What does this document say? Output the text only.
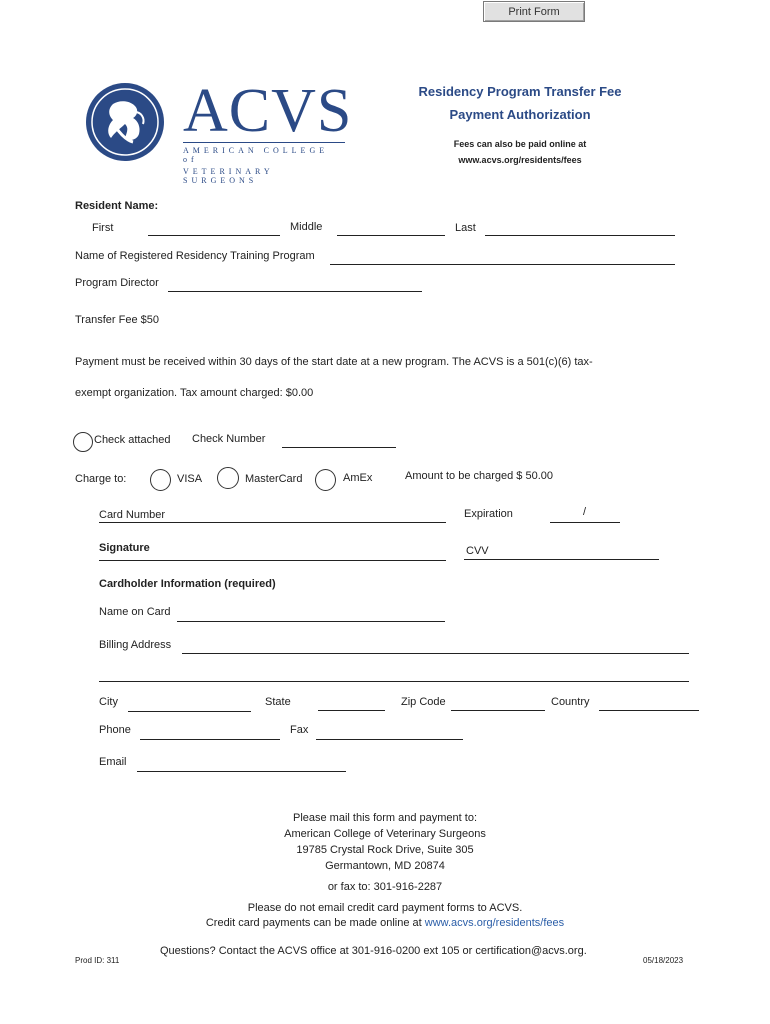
Print Form
ACVS
AMERICAN COLLEGE of
VETERINARY SURGEONS
Residency Program Transfer Fee
Payment Authorization
Fees can also be paid online at
www.acvs.org/residents/fees
Resident Name:
First	Middle	Last
Name of Registered Residency Training Program
Program Director
Transfer Fee $50
Payment must be received within 30 days of the start date at a new program. The ACVS is a 501(c)(6) tax-
exempt organization. Tax amount charged: $0.00
Check attached Check Number
Charge to:	VISA	MasterCard	AmEx	Amount to be charged $ 50.00
Card Number	Expiration	/
Signature	CVV
Cardholder Information (required)
Name on Card
Billing Address
City	State	Zip Code	Country
Phone	Fax
Email
Please mail this form and payment to:
American College of Veterinary Surgeons
19785 Crystal Rock Drive, Suite 305
Germantown, MD 20874
or fax to: 301-916-2287
Please do not email credit card payment forms to ACVS.
Credit card payments can be made online at www.acvs.org/residents/fees
Questions? Contact the ACVS office at 301-916-0200 ext 105 or certification@acvs.org.
Prod ID: 311	05/18/2023
